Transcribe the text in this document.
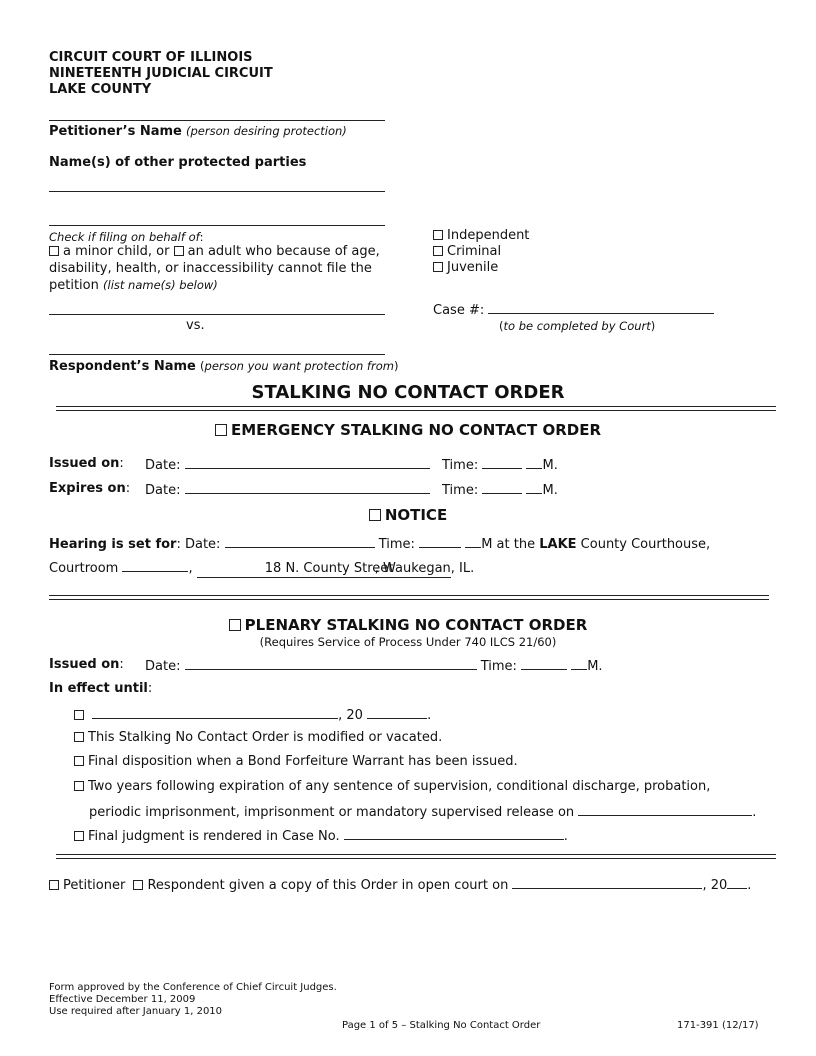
CIRCUIT COURT OF ILLINOIS
NINETEENTH JUDICIAL CIRCUIT
LAKE COUNTY
Petitioner’s Name (person desiring protection)
Name(s) of other protected parties
Check if filing on behalf of:
a minor child, or an adult who because of age,
disability, health, or inaccessibility cannot file the
petition (list name(s) below)
Independent
Criminal
Juvenile
Case #:
(to be completed by Court)
vs.
Respondent’s Name (person you want protection from)
STALKING NO CONTACT ORDER
EMERGENCY STALKING NO CONTACT ORDER
Issued on: Date:	Time:	M.
Expires on: Date:	Time:	M.
NOTICE
Hearing is set for: Date:	Time:	M at the LAKE County Courthouse,
Courtroom	,	18 N. County Street, Waukegan, IL.
PLENARY STALKING NO CONTACT ORDER
(Requires Service of Process Under 740 ILCS 21/60)
Issued on: Date:	Time:	M.
In effect until:
, 20	.
This Stalking No Contact Order is modified or vacated.
Final disposition when a Bond Forfeiture Warrant has been issued.
Two years following expiration of any sentence of supervision, conditional discharge, probation,
periodic imprisonment, imprisonment or mandatory supervised release on	.
Final judgment is rendered in Case No.	.
Petitioner Respondent given a copy of this Order in open court on	, 20 .
Form approved by the Conference of Chief Circuit Judges.
Effective December 11, 2009
Use required after January 1, 2010
Page 1 of 5 – Stalking No Contact Order	171-391 (12/17)
